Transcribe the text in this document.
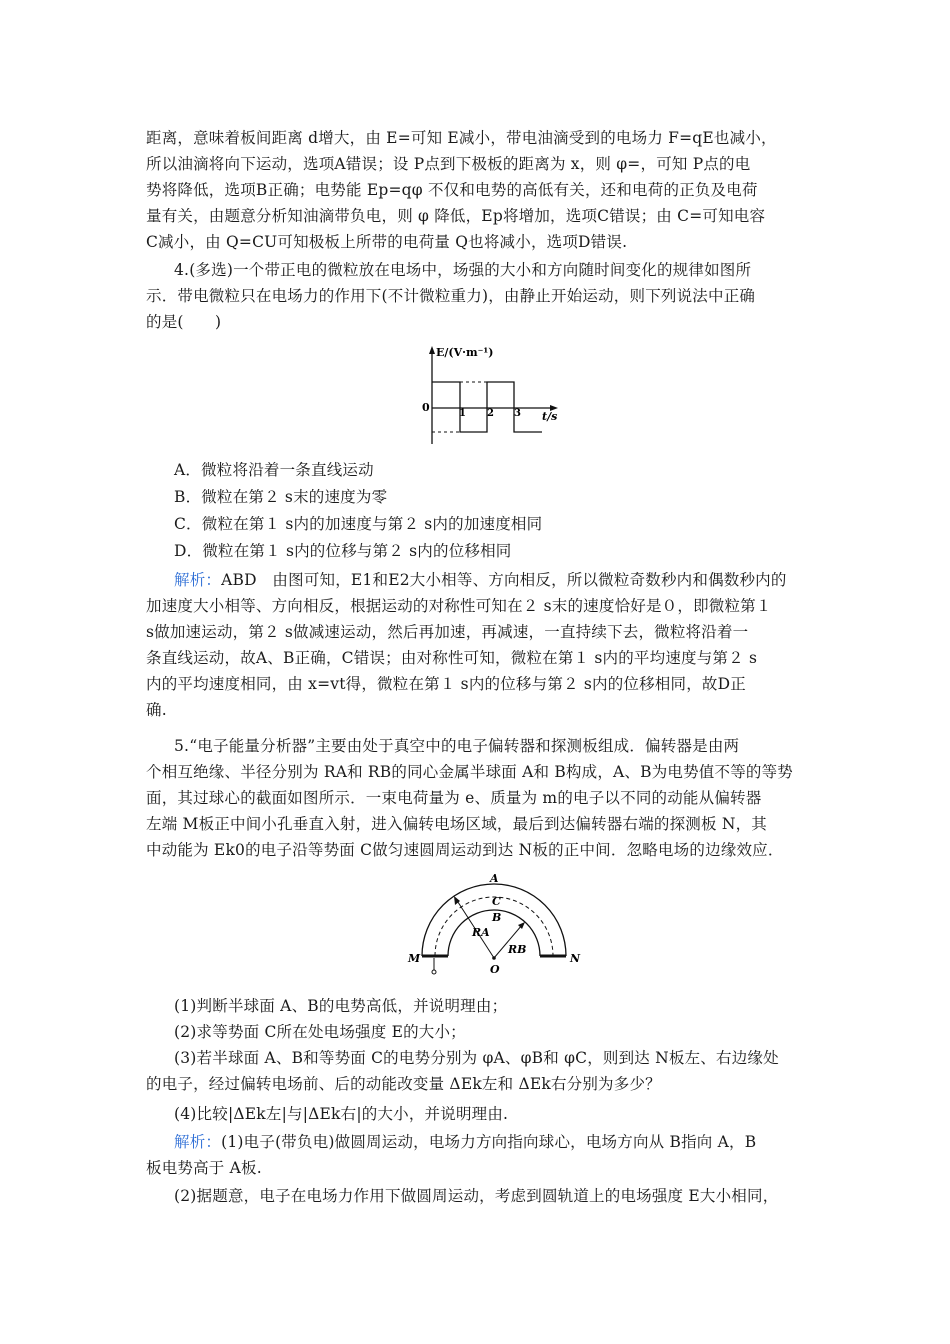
距离，意味着板间距离 d增大，由 E=可知 E减小，带电油滴受到的电场力 F=qE也减小，
所以油滴将向下运动，选项A错误；设 P点到下极板的距离为 x，则 φ=，可知 P点的电
势将降低，选项B正确；电势能 Ep=qφ 不仅和电势的高低有关，还和电荷的正负及电荷
量有关，由题意分析知油滴带负电，则 φ 降低，Ep将增加，选项C错误；由 C=可知电容
C减小，由 Q=CU可知极板上所带的电荷量 Q也将减小，选项D错误.
4.(多选)一个带正电的微粒放在电场中，场强的大小和方向随时间变化的规律如图所
示．带电微粒只在电场力的作用下(不计微粒重力)，由静止开始运动，则下列说法中正确
的是(　　)
E/(V·m⁻¹)
t/s
0	1 2 3
A．微粒将沿着一条直线运动
B．微粒在第２ s末的速度为零
C．微粒在第１ s内的加速度与第２ s内的加速度相同
D．微粒在第１ s内的位移与第２ s内的位移相同
解析：ABD　由图可知，E1和E2大小相等、方向相反，所以微粒奇数秒内和偶数秒内的
加速度大小相等、方向相反，根据运动的对称性可知在２ s末的速度恰好是０，即微粒第１
s做加速运动，第２ s做减速运动，然后再加速，再减速，一直持续下去，微粒将沿着一
条直线运动，故A、B正确，C错误；由对称性可知，微粒在第１ s内的平均速度与第２ s
内的平均速度相同，由 x=vt得，微粒在第１ s内的位移与第２ s内的位移相同，故D正
确.
5.“电子能量分析器”主要由处于真空中的电子偏转器和探测板组成．偏转器是由两
个相互绝缘、半径分别为 RA和 RB的同心金属半球面 A和 B构成，A、B为电势值不等的等势
面，其过球心的截面如图所示．一束电荷量为 e、质量为 m的电子以不同的动能从偏转器
左端 M板正中间小孔垂直入射，进入偏转电场区域，最后到达偏转器右端的探测板 N，其
中动能为 Ek0的电子沿等势面 C做匀速圆周运动到达 N板的正中间．忽略电场的边缘效应．
A
C
B
RA
RB
M	N
O
(1)判断半球面 A、B的电势高低，并说明理由；
(2)求等势面 C所在处电场强度 E的大小；
(3)若半球面 A、B和等势面 C的电势分别为 φA、φB和 φC，则到达 N板左、右边缘处
的电子，经过偏转电场前、后的动能改变量 ΔEk左和 ΔEk右分别为多少？
(4)比较|ΔEk左|与|ΔEk右|的大小，并说明理由.
解析：(1)电子(带负电)做圆周运动，电场力方向指向球心，电场方向从 B指向 A，B
板电势高于 A板.
(2)据题意，电子在电场力作用下做圆周运动，考虑到圆轨道上的电场强度 E大小相同，
